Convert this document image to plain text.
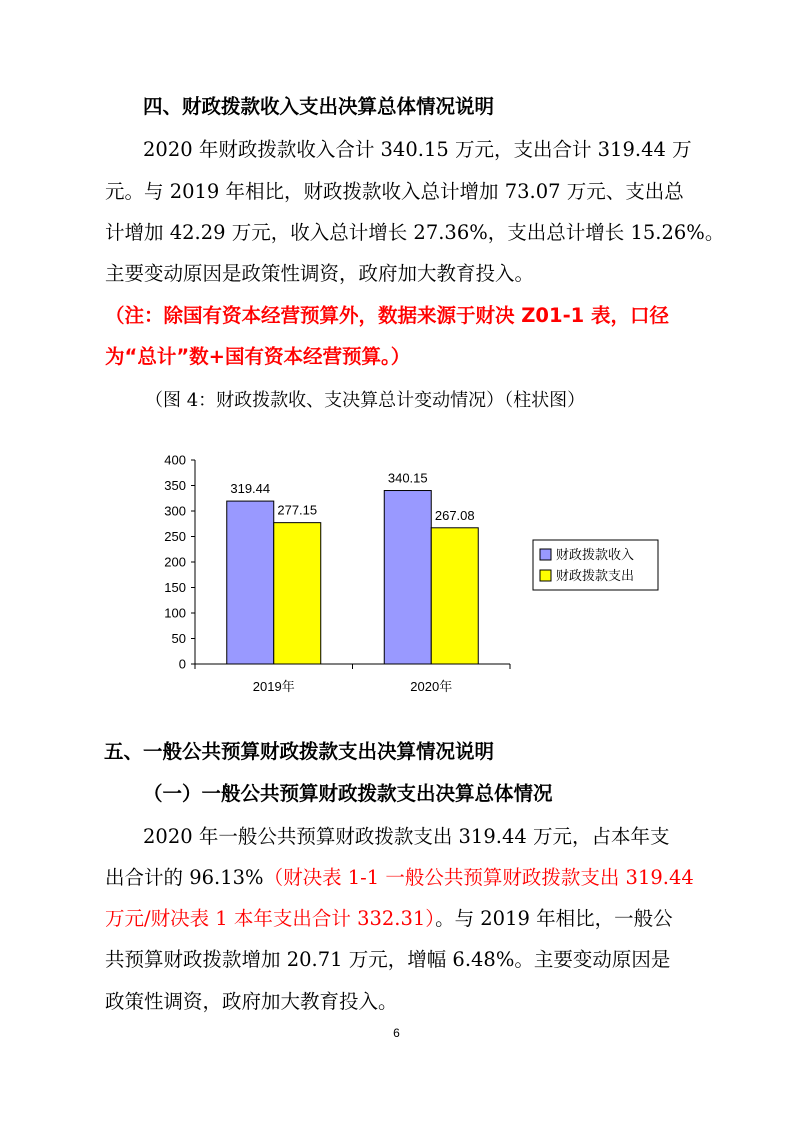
四、财政拨款收入支出决算总体情况说明
2020 年财政拨款收入合计 340.15 万元，支出合计 319.44 万
元。与 2019 年相比，财政拨款收入总计增加 73.07 万元、支出总
计增加 42.29 万元，收入总计增长 27.36%，支出总计增长 15.26%。
主要变动原因是政策性调资，政府加大教育投入。
（注：除国有资本经营预算外，数据来源于财决 Z01-1 表，口径
为“总计”数+国有资本经营预算。）
（图 4：财政拨款收、支决算总计变动情况）（柱状图）
0
50
100
150
200
250
300
350
400
2019年	2020年
319.44
277.15
340.15
267.08
财政拨款收入
财政拨款支出
五、一般公共预算财政拨款支出决算情况说明
（一）一般公共预算财政拨款支出决算总体情况
2020 年一般公共预算财政拨款支出 319.44 万元，占本年支
出合计的 96.13%（财决表 1-1 一般公共预算财政拨款支出 319.44
万元/财决表 1 本年支出合计 332.31）。与 2019 年相比，一般公
共预算财政拨款增加 20.71 万元，增幅 6.48%。主要变动原因是
政策性调资，政府加大教育投入。
6
